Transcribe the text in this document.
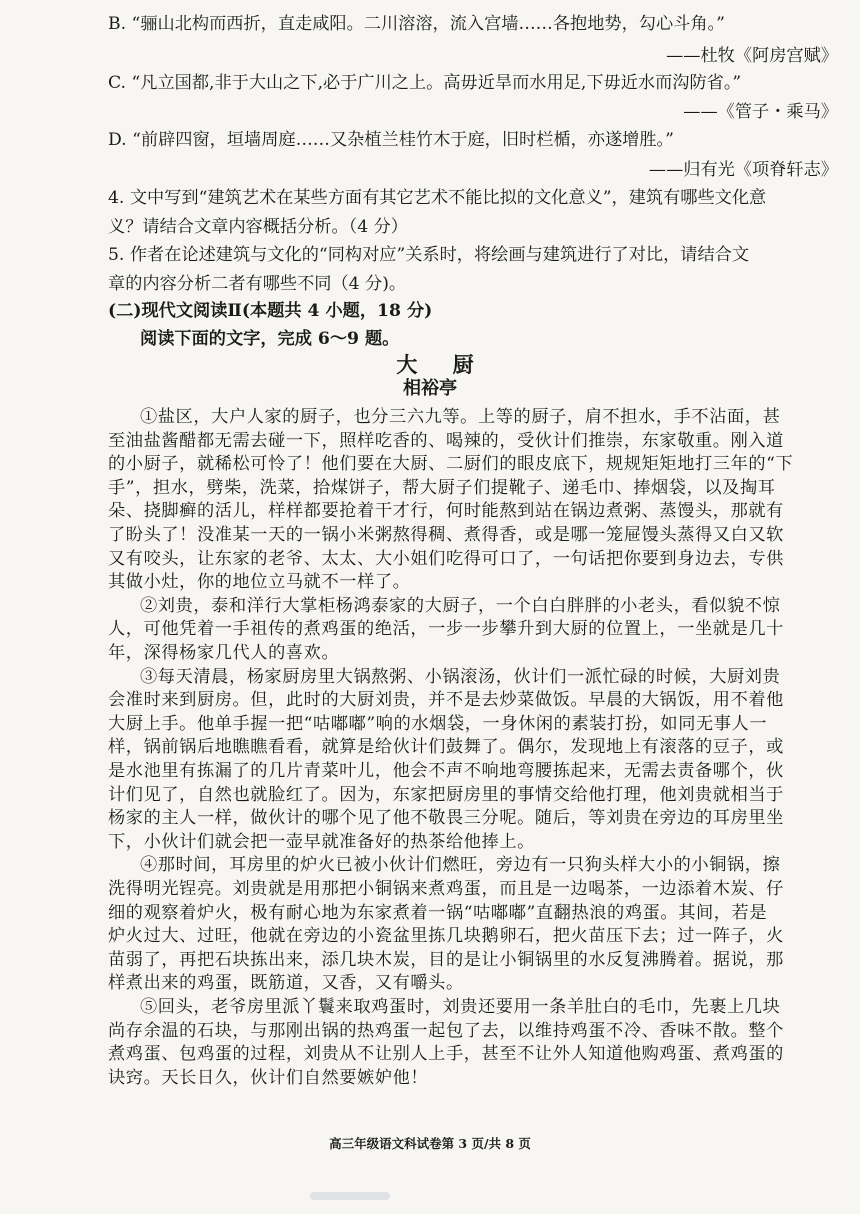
B. “骊山北构而西折，直走咸阳。二川溶溶，流入宫墙……各抱地势，勾心斗角。”
——杜牧《阿房宫赋》
C. “凡立国都,非于大山之下,必于广川之上。高毋近旱而水用足,下毋近水而沟防省。”
——《管子・乘马》
D. “前辟四窗，垣墙周庭……又杂植兰桂竹木于庭，旧时栏楯，亦遂增胜。”
——归有光《项脊轩志》
4. 文中写到“建筑艺术在某些方面有其它艺术不能比拟的文化意义”，建筑有哪些文化意
义？请结合文章内容概括分析。（4 分）
5. 作者在论述建筑与文化的“同构对应”关系时，将绘画与建筑进行了对比，请结合文
章的内容分析二者有哪些不同（4 分)。
(二)现代文阅读Ⅱ(本题共 4 小题，18 分)
阅读下面的文字，完成 6～9 题。
大 厨
相裕亭
高三年级语文科试卷第 3 页/共 8 页
①盐区，大户人家的厨子，也分三六九等。上等的厨子，肩不担水，手不沾面，甚
至油盐酱醋都无需去碰一下，照样吃香的、喝辣的，受伙计们推崇，东家敬重。刚入道
的小厨子，就稀松可怜了！他们要在大厨、二厨们的眼皮底下，规规矩矩地打三年的“下
手”，担水，劈柴，洗菜，拾煤饼子，帮大厨子们提靴子、递毛巾、捧烟袋，以及掏耳
朵、挠脚癣的活儿，样样都要抢着干才行，何时能熬到站在锅边煮粥、蒸馒头，那就有
了盼头了！没准某一天的一锅小米粥熬得稠、煮得香，或是哪一笼屉馒头蒸得又白又软
又有咬头，让东家的老爷、太太、大小姐们吃得可口了，一句话把你要到身边去，专供
其做小灶，你的地位立马就不一样了。
②刘贵，泰和洋行大掌柜杨鸿泰家的大厨子，一个白白胖胖的小老头，看似貌不惊
人，可他凭着一手祖传的煮鸡蛋的绝活，一步一步攀升到大厨的位置上，一坐就是几十
年，深得杨家几代人的喜欢。
③每天清晨，杨家厨房里大锅熬粥、小锅滚汤，伙计们一派忙碌的时候，大厨刘贵
会准时来到厨房。但，此时的大厨刘贵，并不是去炒菜做饭。早晨的大锅饭，用不着他
大厨上手。他单手握一把“咕嘟嘟”响的水烟袋，一身休闲的素装打扮，如同无事人一
样，锅前锅后地瞧瞧看看，就算是给伙计们鼓舞了。偶尔，发现地上有滚落的豆子，或
是水池里有拣漏了的几片青菜叶儿，他会不声不响地弯腰拣起来，无需去责备哪个，伙
计们见了，自然也就脸红了。因为，东家把厨房里的事情交给他打理，他刘贵就相当于
杨家的主人一样，做伙计的哪个见了他不敬畏三分呢。随后，等刘贵在旁边的耳房里坐
下，小伙计们就会把一壶早就准备好的热茶给他捧上。
④那时间，耳房里的炉火已被小伙计们燃旺，旁边有一只狗头样大小的小铜锅，擦
洗得明光锃亮。刘贵就是用那把小铜锅来煮鸡蛋，而且是一边喝茶，一边添着木炭、仔
细的观察着炉火，极有耐心地为东家煮着一锅“咕嘟嘟”直翻热浪的鸡蛋。其间，若是
炉火过大、过旺，他就在旁边的小瓷盆里拣几块鹅卵石，把火苗压下去；过一阵子，火
苗弱了，再把石块拣出来，添几块木炭，目的是让小铜锅里的水反复沸腾着。据说，那
样煮出来的鸡蛋，既筋道，又香，又有嚼头。
⑤回头，老爷房里派丫鬟来取鸡蛋时，刘贵还要用一条羊肚白的毛巾，先裹上几块
尚存余温的石块，与那刚出锅的热鸡蛋一起包了去，以维持鸡蛋不冷、香味不散。整个
煮鸡蛋、包鸡蛋的过程，刘贵从不让别人上手，甚至不让外人知道他购鸡蛋、煮鸡蛋的
诀窍。天长日久，伙计们自然要嫉妒他！
